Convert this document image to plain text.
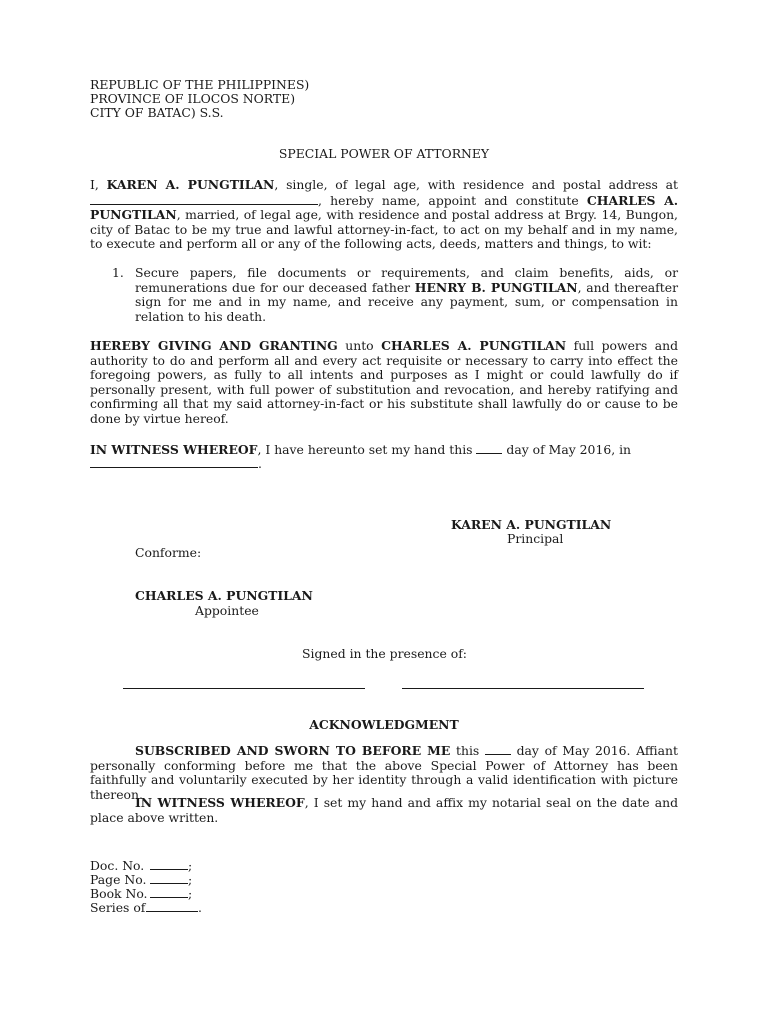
REPUBLIC OF THE PHILIPPINES)
PROVINCE OF ILOCOS NORTE)
CITY OF BATAC) S.S.
SPECIAL POWER OF ATTORNEY
I, KAREN A. PUNGTILAN, single, of legal age, with residence and postal address at , hereby name, appoint and constitute CHARLES A. PUNGTILAN, married, of legal age, with residence and postal address at Brgy. 14, Bungon, city of Batac to be my true and lawful attorney-in-fact, to act on my behalf and in my name, to execute and perform all or any of the following acts, deeds, matters and things, to wit:
1. Secure papers, file documents or requirements, and claim benefits, aids, or remunerations due for our deceased father HENRY B. PUNGTILAN, and thereafter sign for me and in my name, and receive any payment, sum, or compensation in relation to his death.
HEREBY GIVING AND GRANTING unto CHARLES A. PUNGTILAN full powers and authority to do and perform all and every act requisite or necessary to carry into effect the foregoing powers, as fully to all intents and purposes as I might or could lawfully do if personally present, with full power of substitution and revocation, and hereby ratifying and confirming all that my said attorney-in-fact or his substitute shall lawfully do or cause to be done by virtue hereof.
IN WITNESS WHEREOF, I have hereunto set my hand this  day of May 2016, in
.
KAREN A. PUNGTILAN
Principal
Conforme:
CHARLES A. PUNGTILAN
Appointee
Signed in the presence of:
ACKNOWLEDGMENT
SUBSCRIBED AND SWORN TO BEFORE ME this  day of May 2016. Affiant personally conforming before me that the above Special Power of Attorney has been faithfully and voluntarily executed by her identity through a valid identification with picture thereon.
IN WITNESS WHEREOF, I set my hand and affix my notarial seal on the date and place above written.
Doc. No.	;
Page No.	;
Book No.	;
Series of	.
